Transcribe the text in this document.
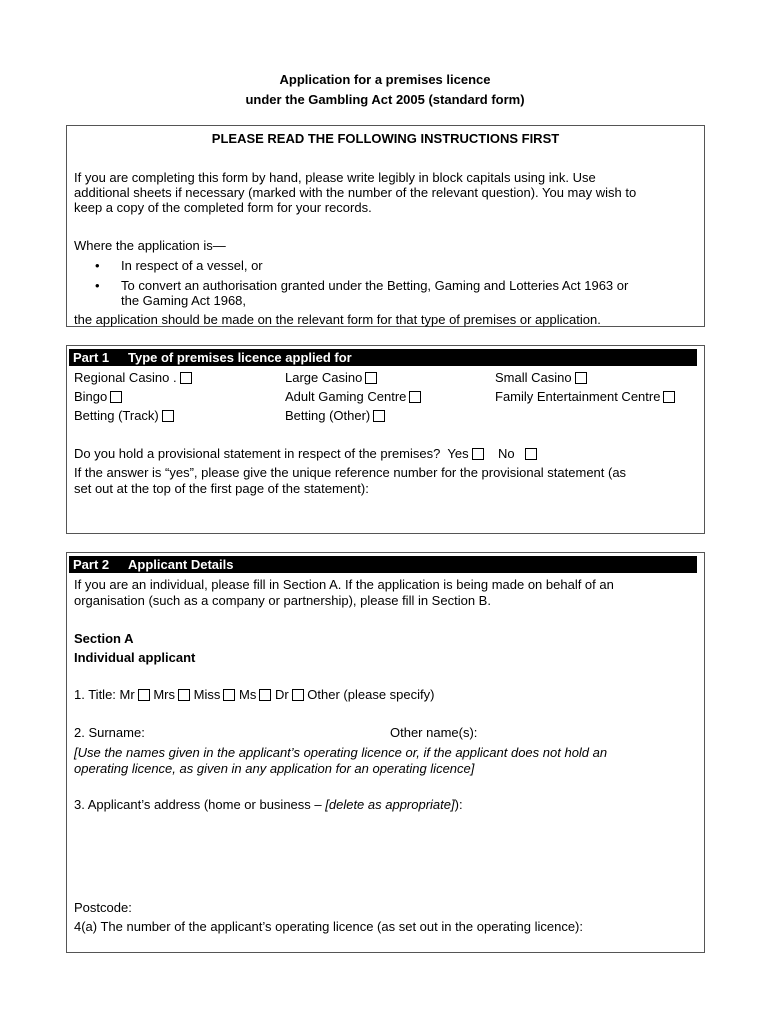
Application for a premises licence
under the Gambling Act 2005 (standard form)
PLEASE READ THE FOLLOWING INSTRUCTIONS FIRST
If you are completing this form by hand, please write legibly in block capitals using ink. Use
additional sheets if necessary (marked with the number of the relevant question). You may wish to
keep a copy of the completed form for your records.
Where the application is—
• In respect of a vessel, or
• To convert an authorisation granted under the Betting, Gaming and Lotteries Act 1963 or
the Gaming Act 1968,
the application should be made on the relevant form for that type of premises or application.
Part 1 Type of premises licence applied for
Regional Casino .	Large Casino	Small Casino
Bingo	Adult Gaming Centre	Family Entertainment Centre
Betting (Track)	Betting (Other)
Do you hold a provisional statement in respect of the premises? Yes No
If the answer is “yes”, please give the unique reference number for the provisional statement (as
set out at the top of the first page of the statement):
Part 2 Applicant Details
If you are an individual, please fill in Section A. If the application is being made on behalf of an
organisation (such as a company or partnership), please fill in Section B.
Section A
Individual applicant
1. Title: Mr Mrs Miss Ms Dr Other (please specify)
2. Surname:	Other name(s):
[Use the names given in the applicant’s operating licence or, if the applicant does not hold an
operating licence, as given in any application for an operating licence]
3. Applicant’s address (home or business – [delete as appropriate]):
Postcode:
4(a) The number of the applicant’s operating licence (as set out in the operating licence):
